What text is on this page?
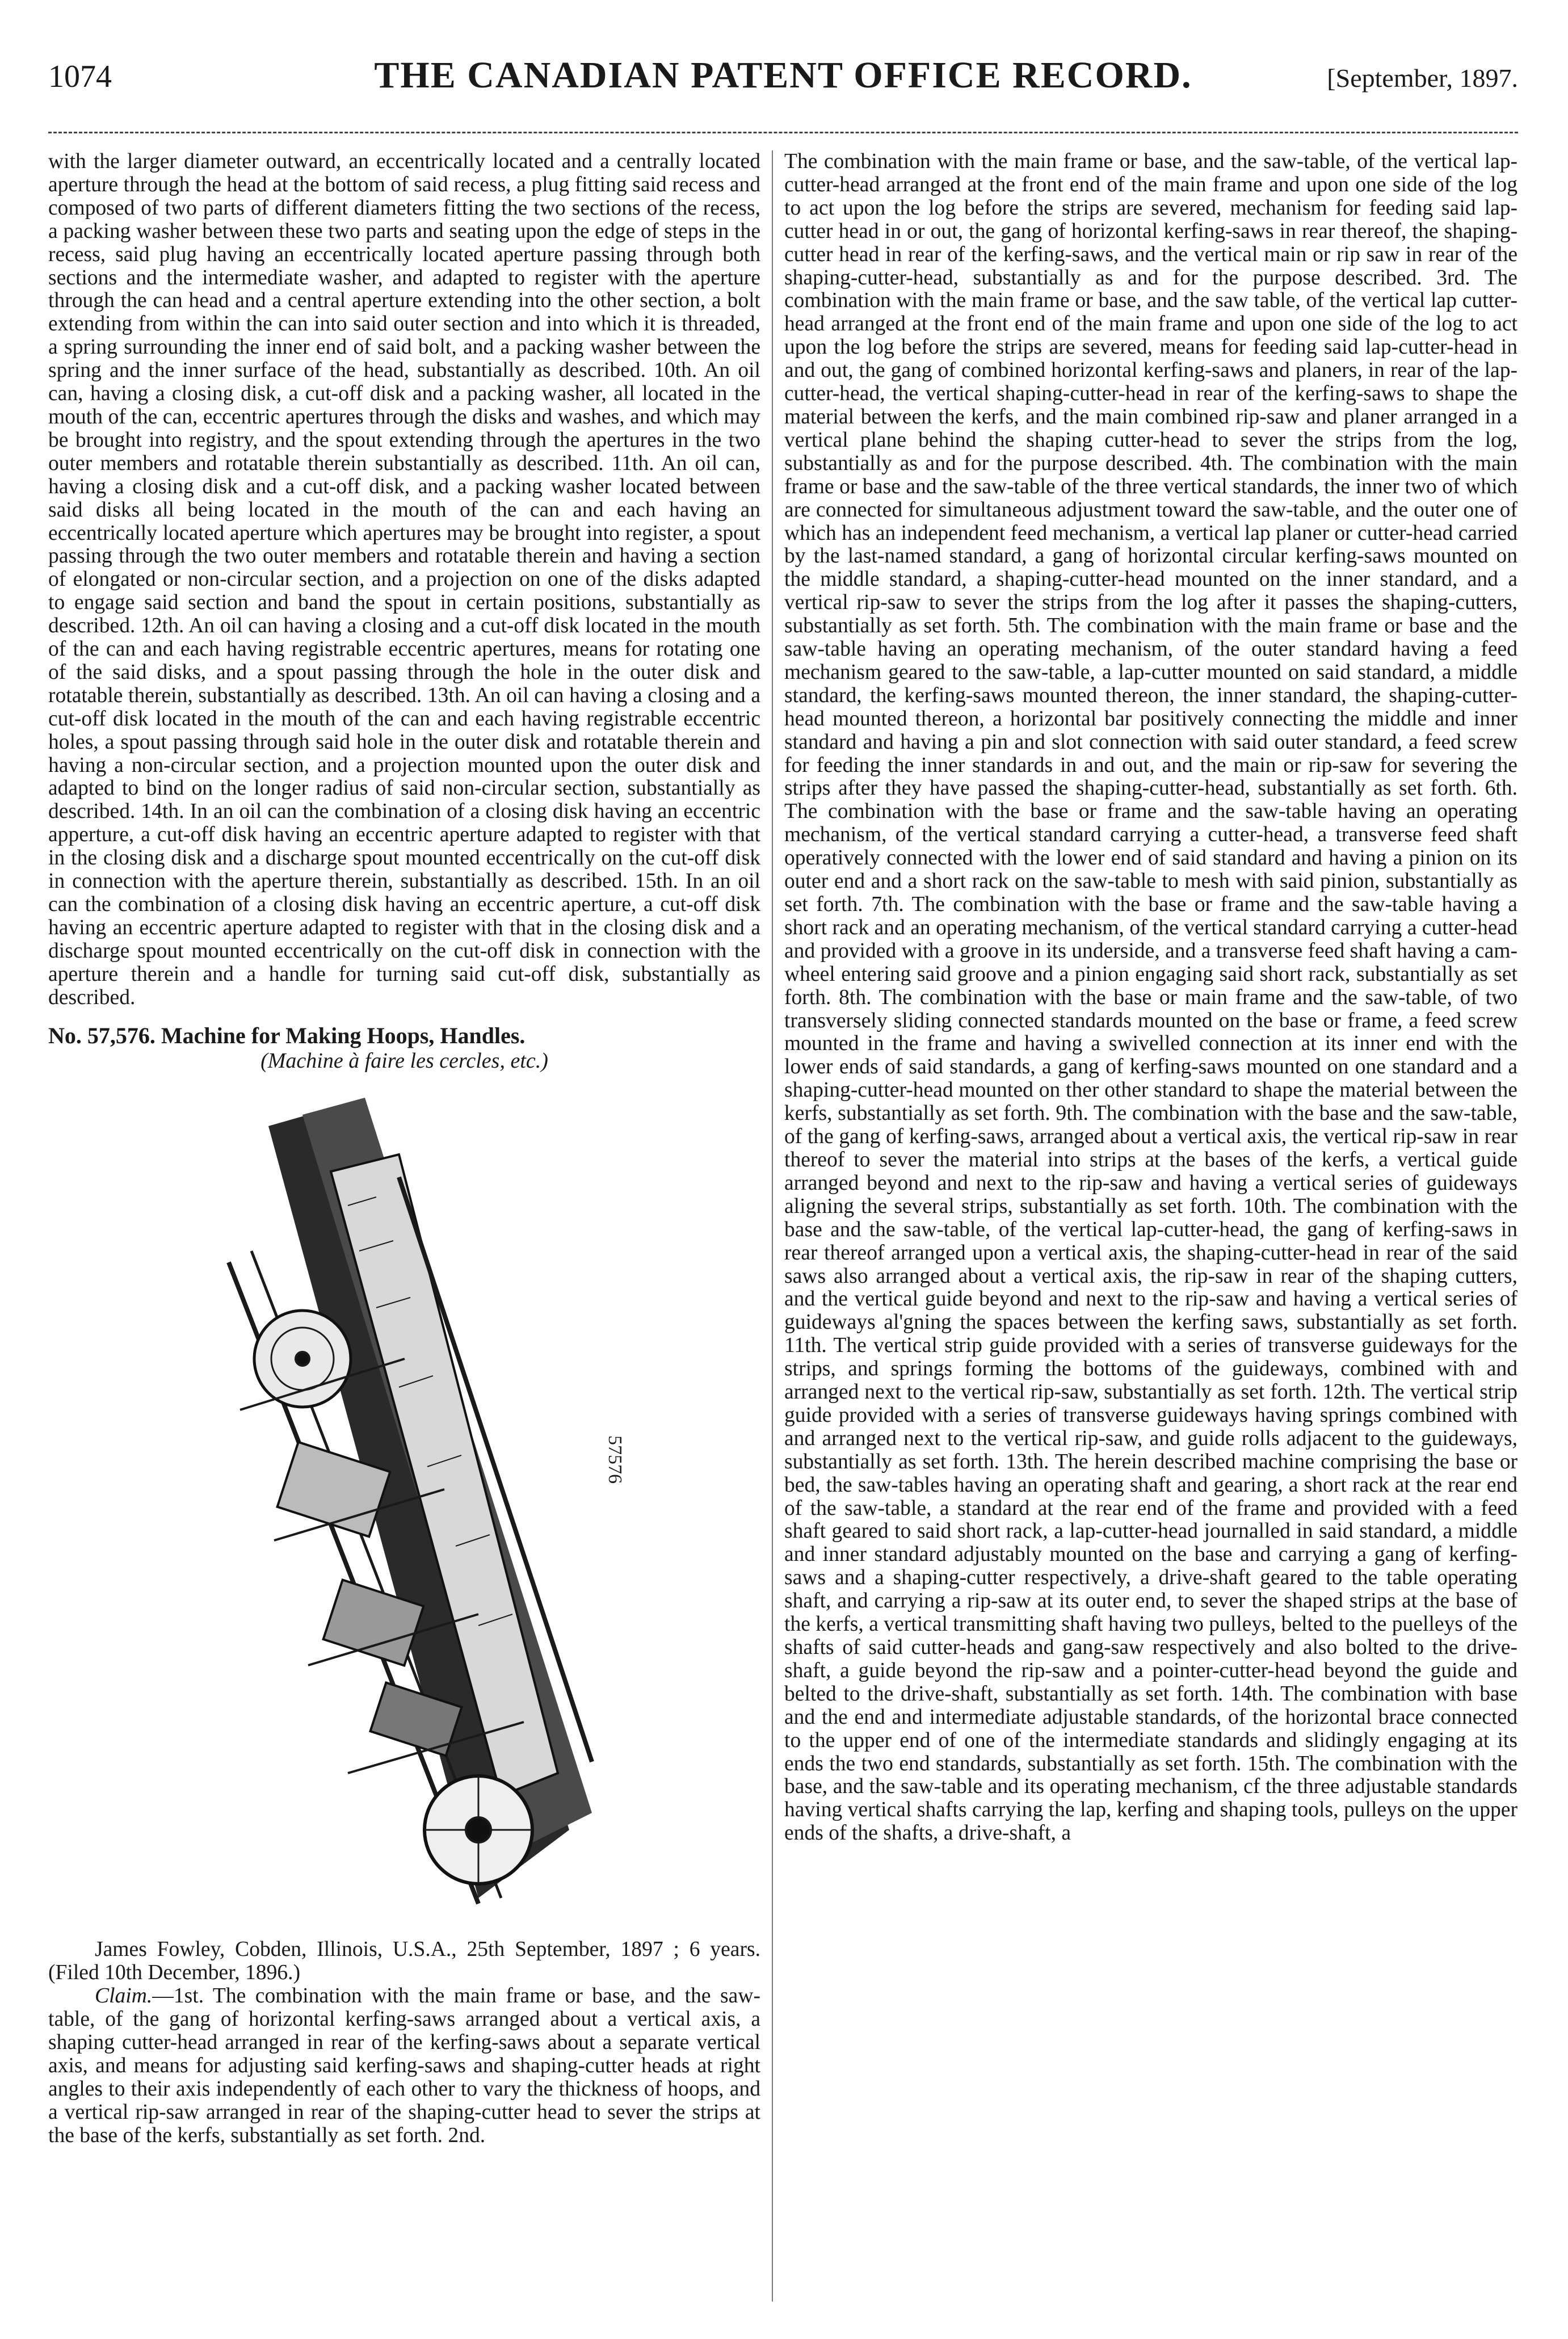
1074	THE CANADIAN PATENT OFFICE RECORD.	[September, 1897.

with the larger diameter outward, an eccentrically located and a centrally located aperture through the head at the bottom of said recess, a plug fitting said recess and composed of two parts of different diameters fitting the two sections of the recess, a packing washer between these two parts and seating upon the edge of steps in the recess, said plug having an eccentrically located aperture passing through both sections and the intermediate washer, and adapted to register with the aperture through the can head and a central aperture extending into the other section, a bolt extending from within the can into said outer section and into which it is threaded, a spring surrounding the inner end of said bolt, and a packing washer between the spring and the inner surface of the head, substantially as described. 10th. An oil can, having a closing disk, a cut-off disk and a packing washer, all located in the mouth of the can, eccentric apertures through the disks and washes, and which may be brought into registry, and the spout extending through the apertures in the two outer members and rotatable therein substantially as described. 11th. An oil can, having a closing disk and a cut-off disk, and a packing washer located between said disks all being located in the mouth of the can and each having an eccentrically located aperture which apertures may be brought into register, a spout passing through the two outer members and rotatable therein and having a section of elongated or non-circular section, and a projection on one of the disks adapted to engage said section and band the spout in certain positions, substantially as described. 12th. An oil can having a closing and a cut-off disk located in the mouth of the can and each having registrable eccentric apertures, means for rotating one of the said disks, and a spout passing through the hole in the outer disk and rotatable therein, substantially as described. 13th. An oil can having a closing and a cut-off disk located in the mouth of the can and each having registrable eccentric holes, a spout passing through said hole in the outer disk and rotatable therein and having a non-circular section, and a projection mounted upon the outer disk and adapted to bind on the longer radius of said non-circular section, substantially as described. 14th. In an oil can the combination of a closing disk having an eccentric apperture, a cut-off disk having an eccentric aperture adapted to register with that in the closing disk and a discharge spout mounted eccentrically on the cut-off disk in connection with the aperture therein, substantially as described. 15th. In an oil can the combination of a closing disk having an eccentric aperture, a cut-off disk having an eccentric aperture adapted to register with that in the closing disk and a discharge spout mounted eccentrically on the cut-off disk in connection with the aperture therein and a handle for turning said cut-off disk, substantially as described.

No. 57,576. Machine for Making Hoops, Handles.

(Machine à faire les cercles, etc.)

57576

James Fowley, Cobden, Illinois, U.S.A., 25th September, 1897 ; 6 years. (Filed 10th December, 1896.)

Claim.—1st. The combination with the main frame or base, and the saw-table, of the gang of horizontal kerfing-saws arranged about a vertical axis, a shaping cutter-head arranged in rear of the kerfing-saws about a separate vertical axis, and means for adjusting said kerfing-saws and shaping-cutter heads at right angles to their axis independently of each other to vary the thickness of hoops, and a vertical rip-saw arranged in rear of the shaping-cutter head to sever the strips at the base of the kerfs, substantially as set forth. 2nd.

The combination with the main frame or base, and the saw-table, of the vertical lap-cutter-head arranged at the front end of the main frame and upon one side of the log to act upon the log before the strips are severed, mechanism for feeding said lap-cutter head in or out, the gang of horizontal kerfing-saws in rear thereof, the shaping-cutter head in rear of the kerfing-saws, and the vertical main or rip saw in rear of the shaping-cutter-head, substantially as and for the purpose described. 3rd. The combination with the main frame or base, and the saw table, of the vertical lap cutter-head arranged at the front end of the main frame and upon one side of the log to act upon the log before the strips are severed, means for feeding said lap-cutter-head in and out, the gang of combined horizontal kerfing-saws and planers, in rear of the lap-cutter-head, the vertical shaping-cutter-head in rear of the kerfing-saws to shape the material between the kerfs, and the main combined rip-saw and planer arranged in a vertical plane behind the shaping cutter-head to sever the strips from the log, substantially as and for the purpose described. 4th. The combination with the main frame or base and the saw-table of the three vertical standards, the inner two of which are connected for simultaneous adjustment toward the saw-table, and the outer one of which has an independent feed mechanism, a vertical lap planer or cutter-head carried by the last-named standard, a gang of horizontal circular kerfing-saws mounted on the middle standard, a shaping-cutter-head mounted on the inner standard, and a vertical rip-saw to sever the strips from the log after it passes the shaping-cutters, substantially as set forth. 5th. The combination with the main frame or base and the saw-table having an operating mechanism, of the outer standard having a feed mechanism geared to the saw-table, a lap-cutter mounted on said standard, a middle standard, the kerfing-saws mounted thereon, the inner standard, the shaping-cutter-head mounted thereon, a horizontal bar positively connecting the middle and inner standard and having a pin and slot connection with said outer standard, a feed screw for feeding the inner standards in and out, and the main or rip-saw for severing the strips after they have passed the shaping-cutter-head, substantially as set forth. 6th. The combination with the base or frame and the saw-table having an operating mechanism, of the vertical standard carrying a cutter-head, a transverse feed shaft operatively connected with the lower end of said standard and having a pinion on its outer end and a short rack on the saw-table to mesh with said pinion, substantially as set forth. 7th. The combination with the base or frame and the saw-table having a short rack and an operating mechanism, of the vertical standard carrying a cutter-head and provided with a groove in its underside, and a transverse feed shaft having a cam-wheel entering said groove and a pinion engaging said short rack, substantially as set forth. 8th. The combination with the base or main frame and the saw-table, of two transversely sliding connected standards mounted on the base or frame, a feed screw mounted in the frame and having a swivelled connection at its inner end with the lower ends of said standards, a gang of kerfing-saws mounted on one standard and a shaping-cutter-head mounted on ther other standard to shape the material between the kerfs, substantially as set forth. 9th. The combination with the base and the saw-table, of the gang of kerfing-saws, arranged about a vertical axis, the vertical rip-saw in rear thereof to sever the material into strips at the bases of the kerfs, a vertical guide arranged beyond and next to the rip-saw and having a vertical series of guideways aligning the several strips, substantially as set forth. 10th. The combination with the base and the saw-table, of the vertical lap-cutter-head, the gang of kerfing-saws in rear thereof arranged upon a vertical axis, the shaping-cutter-head in rear of the said saws also arranged about a vertical axis, the rip-saw in rear of the shaping cutters, and the vertical guide beyond and next to the rip-saw and having a vertical series of guideways al'gning the spaces between the kerfing saws, substantially as set forth. 11th. The vertical strip guide provided with a series of transverse guideways for the strips, and springs forming the bottoms of the guideways, combined with and arranged next to the vertical rip-saw, substantially as set forth. 12th. The vertical strip guide provided with a series of transverse guideways having springs combined with and arranged next to the vertical rip-saw, and guide rolls adjacent to the guideways, substantially as set forth. 13th. The herein described machine comprising the base or bed, the saw-tables having an operating shaft and gearing, a short rack at the rear end of the saw-table, a standard at the rear end of the frame and provided with a feed shaft geared to said short rack, a lap-cutter-head journalled in said standard, a middle and inner standard adjustably mounted on the base and carrying a gang of kerfing-saws and a shaping-cutter respectively, a drive-shaft geared to the table operating shaft, and carrying a rip-saw at its outer end, to sever the shaped strips at the base of the kerfs, a vertical transmitting shaft having two pulleys, belted to the puelleys of the shafts of said cutter-heads and gang-saw respectively and also bolted to the drive-shaft, a guide beyond the rip-saw and a pointer-cutter-head beyond the guide and belted to the drive-shaft, substantially as set forth. 14th. The combination with base and the end and intermediate adjustable standards, of the horizontal brace connected to the upper end of one of the intermediate standards and slidingly engaging at its ends the two end standards, substantially as set forth. 15th. The combination with the base, and the saw-table and its operating mechanism, cf the three adjustable standards having vertical shafts carrying the lap, kerfing and shaping tools, pulleys on the upper ends of the shafts, a drive-shaft, a
